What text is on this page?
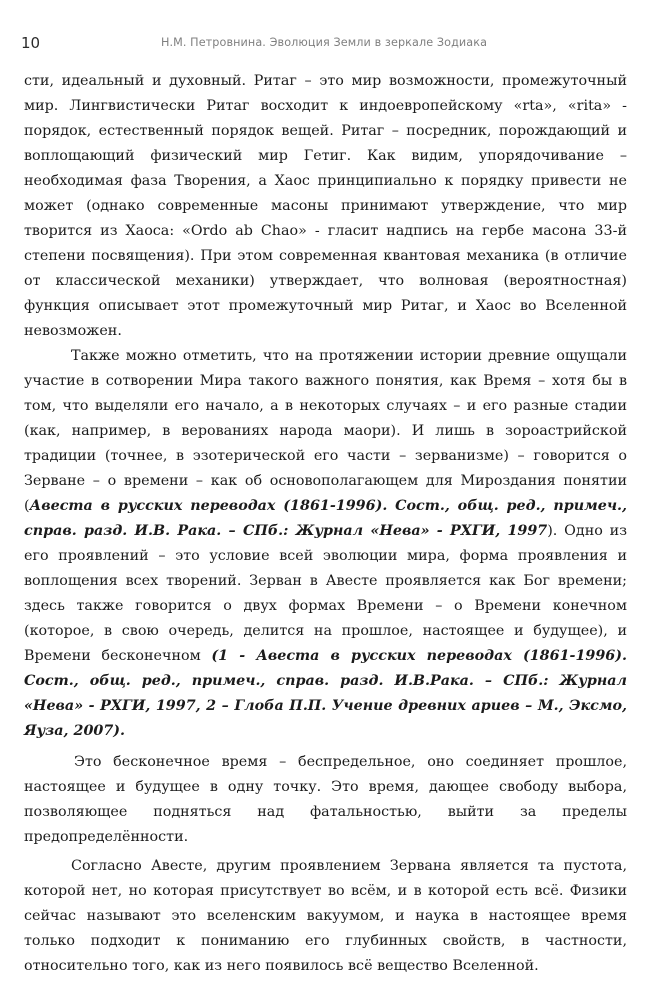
10	Н.М. Петровнина. Эволюция Земли в зеркале Зодиака

сти, идеальный и духовный. Ритаг – это мир возможности, промежуточный мир. Лингвистически Ритаг восходит к индоевропейскому «rta», «rita» - порядок, естественный порядок вещей. Ритаг – посредник, порождающий и воплощающий физический мир Гетиг. Как видим, упорядочивание – необходимая фаза Творения, а Хаос принципиально к порядку привести не может (однако современные масоны принимают утверждение, что мир творится из Хаоса: «Ordo ab Chao» - гласит надпись на гербе масона 33-й степени посвящения). При этом современная квантовая механика (в отличие от классической механики) утверждает, что волновая (вероятностная) функция описывает этот промежуточный мир Ритаг, и Хаос во Вселенной невозможен.

Также можно отметить, что на протяжении истории древние ощущали участие в сотворении Мира такого важного понятия, как Время – хотя бы в том, что выделяли его начало, а в некоторых случаях – и его разные стадии (как, например, в верованиях народа маори). И лишь в зороастрийской традиции (точнее, в эзотерической его части – зерванизме) – говорится о Зерване – о времени – как об основополагающем для Мироздания понятии (Авеста в русских переводах (1861-1996). Сост., общ. ред., примеч., справ. разд. И.В. Рака. – СПб.: Журнал «Нева» - РХГИ, 1997). Одно из его проявлений – это условие всей эволюции мира, форма проявления и воплощения всех творений. Зерван в Авесте проявляется как Бог времени; здесь также говорится о двух формах Времени – о Времени конечном (которое, в свою очередь, делится на прошлое, настоящее и будущее), и Времени бесконечном (1 - Авеста в русских переводах (1861-1996). Сост., общ. ред., примеч., справ. разд. И.В.Рака. – СПб.: Журнал «Нева» - РХГИ, 1997, 2 – Глоба П.П. Учение древних ариев – М., Эксмо, Яуза, 2007).

Это бесконечное время – беспредельное, оно соединяет прошлое, настоящее и будущее в одну точку. Это время, дающее свободу выбора, позволяющее подняться над фатальностью, выйти за пределы предопределённости.

Согласно Авесте, другим проявлением Зервана является та пустота, которой нет, но которая присутствует во всём, и в которой есть всё. Физики сейчас называют это вселенским вакуумом, и наука в настоящее время только подходит к пониманию его глубинных свойств, в частности, относительно того, как из него появилось всё вещество Вселенной.
